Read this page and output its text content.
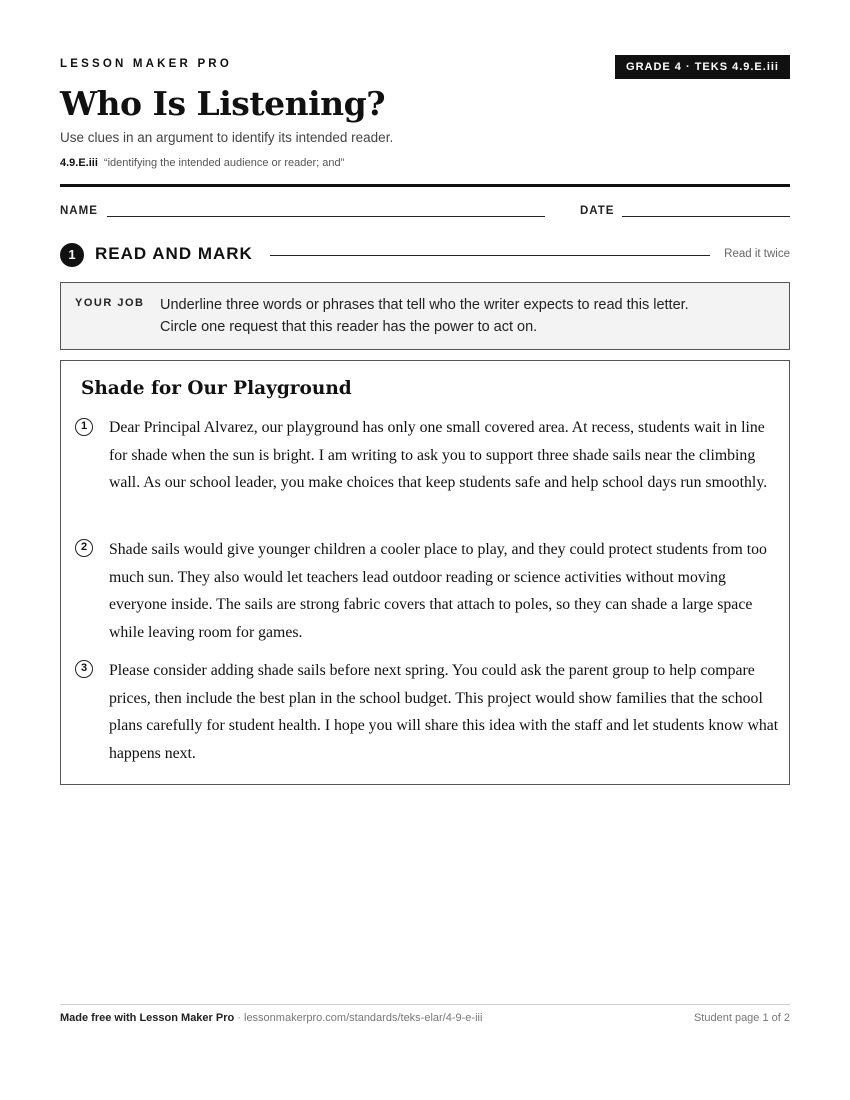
LESSON MAKER PRO	GRADE 4 · TEKS 4.9.E.iii
Who Is Listening?
Use clues in an argument to identify its intended reader.
4.9.E.iii “identifying the intended audience or reader; and”
NAME	DATE
1	READ AND MARK	Read it twice
YOUR JOB Underline three words or phrases that tell who the writer expects to read this letter.
Circle one request that this reader has the power to act on.
Shade for Our Playground
1	Dear Principal Alvarez, our playground has only one small covered area. At recess, students wait in line for shade when the sun is bright. I am writing to ask you to support three shade sails near the climbing wall. As our school leader, you make choices that keep students safe and help school days run smoothly.
2	Shade sails would give younger children a cooler place to play, and they could protect students from too much sun. They also would let teachers lead outdoor reading or science activities without moving everyone inside. The sails are strong fabric covers that attach to poles, so they can shade a large space while leaving room for games.
3	Please consider adding shade sails before next spring. You could ask the parent group to help compare prices, then include the best plan in the school budget. This project would show families that the school plans carefully for student health. I hope you will share this idea with the staff and let students know what happens next.
Made free with Lesson Maker Pro · lessonmakerpro.com/standards/teks-elar/4-9-e-iii	Student page 1 of 2
